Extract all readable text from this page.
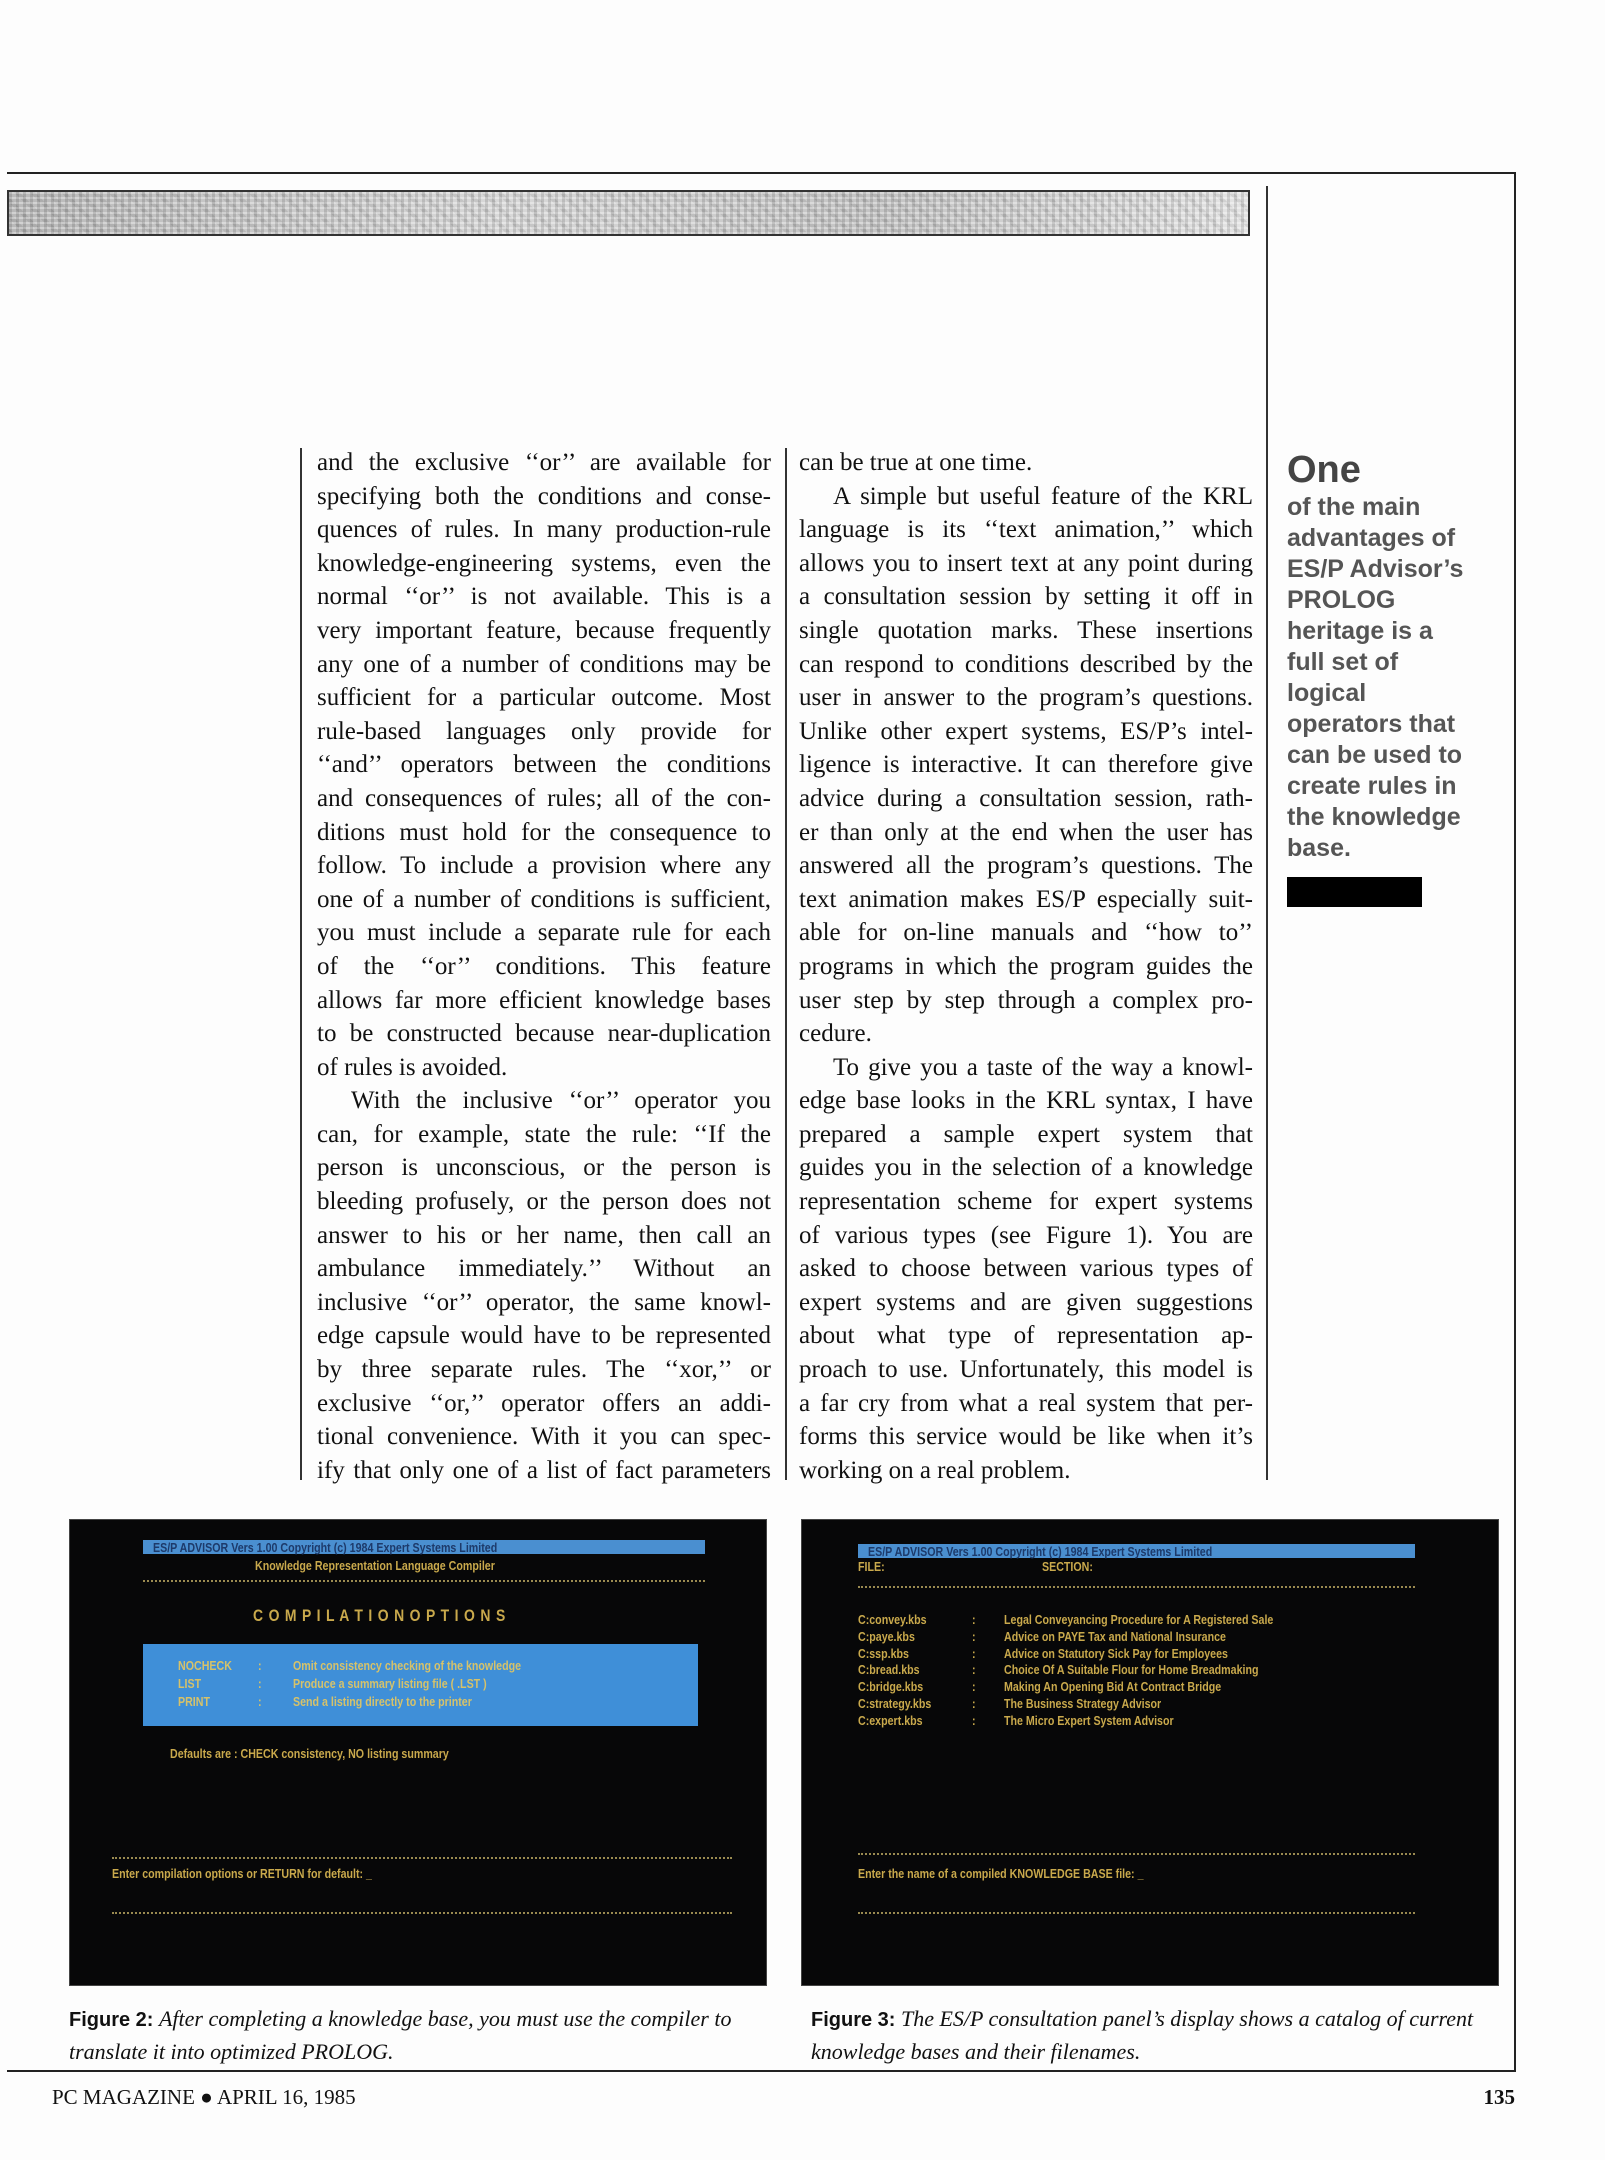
and the exclusive ‘‘or’’ are available for
specifying both the conditions and conse-
quences of rules. In many production-rule
knowledge-engineering systems, even the
normal ‘‘or’’ is not available. This is a
very important feature, because frequently
any one of a number of conditions may be
sufficient for a particular outcome. Most
rule-based languages only provide for
‘‘and’’ operators between the conditions
and consequences of rules; all of the con-
ditions must hold for the consequence to
follow. To include a provision where any
one of a number of conditions is sufficient,
you must include a separate rule for each
of the ‘‘or’’ conditions. This feature
allows far more efficient knowledge bases
to be constructed because near-duplication
of rules is avoided.
With the inclusive ‘‘or’’ operator you
can, for example, state the rule: ‘‘If the
person is unconscious, or the person is
bleeding profusely, or the person does not
answer to his or her name, then call an
ambulance immediately.’’ Without an
inclusive ‘‘or’’ operator, the same knowl-
edge capsule would have to be represented
by three separate rules. The ‘‘xor,’’ or
exclusive ‘‘or,’’ operator offers an addi-
tional convenience. With it you can spec-
ify that only one of a list of fact parameters
can be true at one time.
A simple but useful feature of the KRL
language is its ‘‘text animation,’’ which
allows you to insert text at any point during
a consultation session by setting it off in
single quotation marks. These insertions
can respond to conditions described by the
user in answer to the program’s questions.
Unlike other expert systems, ES/P’s intel-
ligence is interactive. It can therefore give
advice during a consultation session, rath-
er than only at the end when the user has
answered all the program’s questions. The
text animation makes ES/P especially suit-
able for on-line manuals and ‘‘how to’’
programs in which the program guides the
user step by step through a complex pro-
cedure.
To give you a taste of the way a knowl-
edge base looks in the KRL syntax, I have
prepared a sample expert system that
guides you in the selection of a knowledge
representation scheme for expert systems
of various types (see Figure 1). You are
asked to choose between various types of
expert systems and are given suggestions
about what type of representation ap-
proach to use. Unfortunately, this model is
a far cry from what a real system that per-
forms this service would be like when it’s
working on a real problem.
One
of the main
advantages of
ES/P Advisor’s
PROLOG
heritage is a
full set of
logical
operators that
can be used to
create rules in
the knowledge
base.
ES/P ADVISOR Vers 1.00 Copyright (c) 1984 Expert Systems Limited
Knowledge Representation Language Compiler
C O M P I L A T I O N O P T I O N S
NOCHECK : Omit consistency checking of the knowledge
LIST	: Produce a summary listing file ( .LST )
PRINT	: Send a listing directly to the printer
Defaults are : CHECK consistency, NO listing summary
Enter compilation options or RETURN for default: _
ES/P ADVISOR Vers 1.00 Copyright (c) 1984 Expert Systems Limited
FILE:	SECTION:
C:convey.kbs	: Legal Conveyancing Procedure for A Registered Sale
C:paye.kbs	: Advice on PAYE Tax and National Insurance
C:ssp.kbs	: Advice on Statutory Sick Pay for Employees
C:bread.kbs	: Choice Of A Suitable Flour for Home Breadmaking
C:bridge.kbs	: Making An Opening Bid At Contract Bridge
C:strategy.kbs	: The Business Strategy Advisor
C:expert.kbs	: The Micro Expert System Advisor
Enter the name of a compiled KNOWLEDGE BASE file: _
Figure 2: After completing a knowledge base, you must use the compiler to translate it into optimized PROLOG.
Figure 3: The ES/P consultation panel’s display shows a catalog of current knowledge bases and their filenames.
PC MAGAZINE ● APRIL 16, 1985	135
